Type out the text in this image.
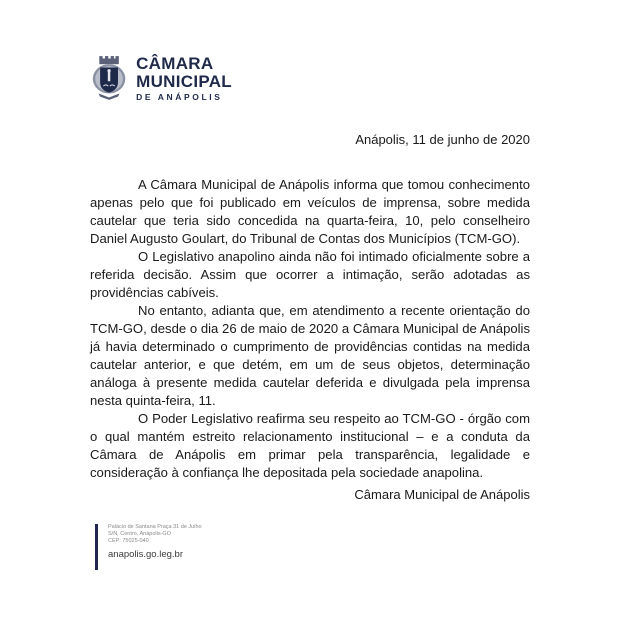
CÂMARA
MUNICIPAL
DE ANÁPOLIS
Anápolis, 11 de junho de 2020

A Câmara Municipal de Anápolis informa que tomou conhecimento apenas pelo que foi publicado em veículos de imprensa, sobre medida cautelar que teria sido concedida na quarta-feira, 10, pelo conselheiro Daniel Augusto Goulart, do Tribunal de Contas dos Municípios (TCM-GO).

O Legislativo anapolino ainda não foi intimado oficialmente sobre a referida decisão. Assim que ocorrer a intimação, serão adotadas as providências cabíveis.

No entanto, adianta que, em atendimento a recente orientação do TCM-GO, desde o dia 26 de maio de 2020 a Câmara Municipal de Anápolis já havia determinado o cumprimento de providências contidas na medida cautelar anterior, e que detém, em um de seus objetos, determinação análoga à presente medida cautelar deferida e divulgada pela imprensa nesta quinta-feira, 11.

O Poder Legislativo reafirma seu respeito ao TCM-GO - órgão com o qual mantém estreito relacionamento institucional – e a conduta da Câmara de Anápolis em primar pela transparência, legalidade e consideração à confiança lhe depositada pela sociedade anapolina.

Câmara Municipal de Anápolis
Palácio de Santana Praça 31 de Julho
S/N, Centro, Anápolis-GO
CEP: 75025-040
anapolis.go.leg.br
